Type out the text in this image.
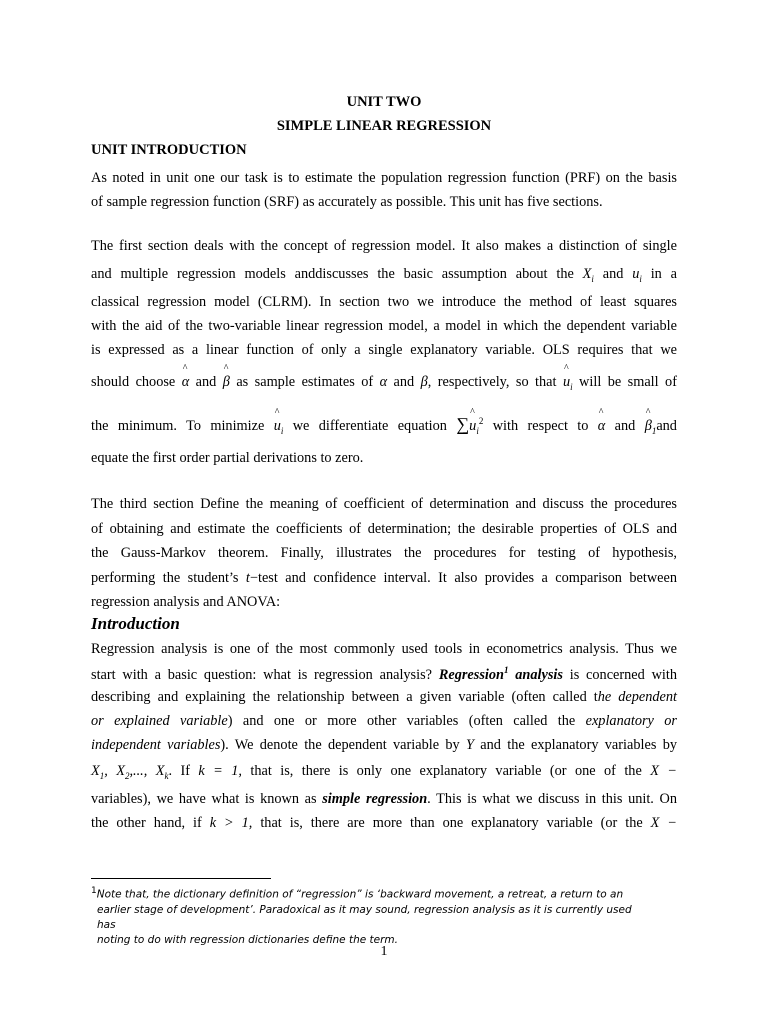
UNIT TWO
SIMPLE LINEAR REGRESSION
UNIT INTRODUCTION
As noted in unit one our task is to estimate the population regression function (PRF) on the basis
of sample regression function (SRF) as accurately as possible. This unit has five sections.
The first section deals with the concept of regression model. It also makes a distinction of single
and multiple regression models anddiscusses the basic assumption about the $X_i$ and $u_i$ in a
classical regression model (CLRM). In section two we introduce the method of least squares
with the aid of the two-variable linear regression model, a model in which the dependent variable
is expressed as a linear function of only a single explanatory variable. OLS requires that we
should choose ^ α and ^ β as sample estimates of α and β, respectively, so that ^ $u_i$ will be small of
the minimum. To minimize ^ $u_i$ we differentiate equation ∑^ $u_i^2$ with respect to ^ α and ^ $\beta_1and$
equate the first order partial derivations to zero.
The third section Define the meaning of coefficient of determination and discuss the procedures
of obtaining and estimate the coefficients of determination; the desirable properties of OLS and
the Gauss-Markov theorem. Finally, illustrates the procedures for testing of hypothesis,
performing the student’s t−test and confidence interval. It also provides a comparison between
regression analysis and ANOVA:
Introduction
Regression analysis is one of the most commonly used tools in econometrics analysis. Thus we
start with a basic question: what is regression analysis? Regression$^1$ analysis is concerned with
describing and explaining the relationship between a given variable (often called the dependent
or explained variable) and one or more other variables (often called the explanatory or
independent variables). We denote the dependent variable by Y and the explanatory variables by
$X_1$, $X_2$,..., $X_k$. If k = 1, that is, there is only one explanatory variable (or one of the X −
variables), we have what is known as simple regression. This is what we discuss in this unit. On
the other hand, if k > 1, that is, there are more than one explanatory variable (or the X −
$^1$Note that, the dictionary definition of “regression” is ‘backward movement, a retreat, a return to an
earlier stage of development’. Paradoxical as it may sound, regression analysis as it is currently used has
noting to do with regression dictionaries define the term.
1
